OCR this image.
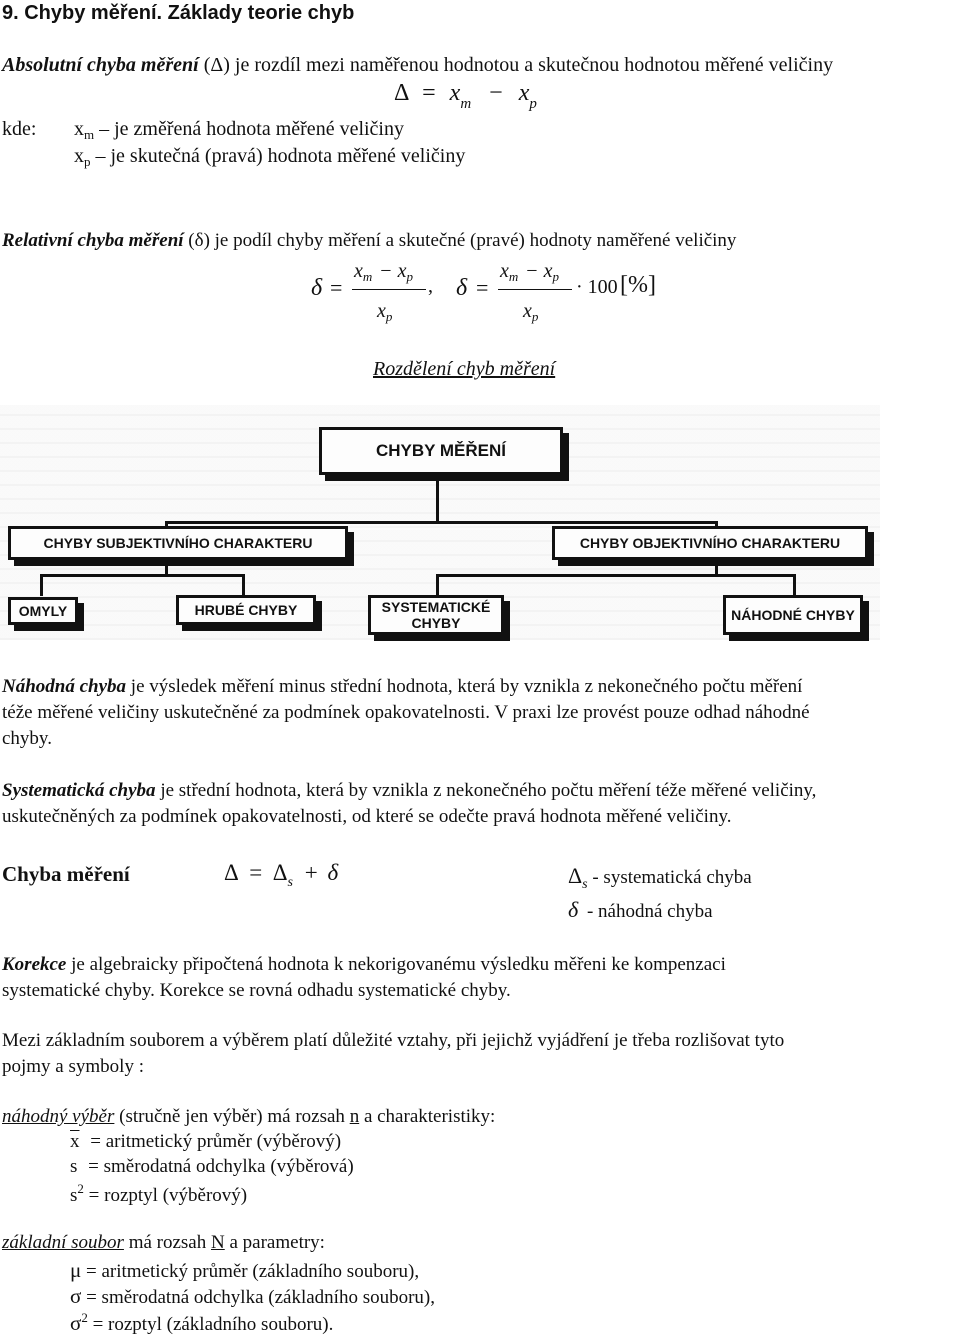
9. Chyby měření. Základy teorie chyb
Absolutní chyba měření (Δ) je rozdíl mezi naměřenou hodnotou a skutečnou hodnotou měřené veličiny
$\Delta = x_m - x_p$
kde: $x_m$ – je změřená hodnota měřené veličiny
$x_p$ – je skutečná (pravá) hodnota měřené veličiny
Relativní chyba měření (δ) je podíl chyby měření a skutečné (pravé) hodnoty naměřené veličiny
δ =
$x_m - x_p$
$x_p$
, δ =
$x_m - x_p$
$x_p$
· 100 [%]
Rozdělení chyb měření
CHYBY MĚŘENÍ
CHYBY SUBJEKTIVNÍHO CHARAKTERU	CHYBY OBJEKTIVNÍHO CHARAKTERU
OMYLY	HRUBÉ CHYBY	SYSTEMATICKÉ CHYBY	NÁHODNÉ CHYBY
Náhodná chyba je výsledek měření minus střední hodnota, která by vznikla z nekonečného počtu měření
téže měřené veličiny uskutečněné za podmínek opakovatelnosti. V praxi lze provést pouze odhad náhodné
chyby.
Systematická chyba je střední hodnota, která by vznikla z nekonečného počtu měření téže měřené veličiny,
uskutečněných za podmínek opakovatelnosti, od které se odečte pravá hodnota měřené veličiny.
Chyba měření	$\Delta = \Delta_s + \delta$	$\Delta_s$ - systematická chyba
δ - náhodná chyba
Korekce je algebraicky připočtená hodnota k nekorigovanému výsledku měřeni ke kompenzaci
systematické chyby. Korekce se rovná odhadu systematické chyby.
Mezi základním souborem a výběrem platí důležité vztahy, při jejichž vyjádření je třeba rozlišovat tyto
pojmy a symboly :
náhodný výběr (stručně jen výběr) má rozsah n a charakteristiky:
$\overline{x}$ = aritmetický průměr (výběrový)
s = směrodatná odchylka (výběrová)
$s^2$ = rozptyl (výběrový)
základní soubor má rozsah N a parametry:
μ = aritmetický průměr (základního souboru),
σ = směrodatná odchylka (základního souboru),
$\sigma^2$ = rozptyl (základního souboru).
